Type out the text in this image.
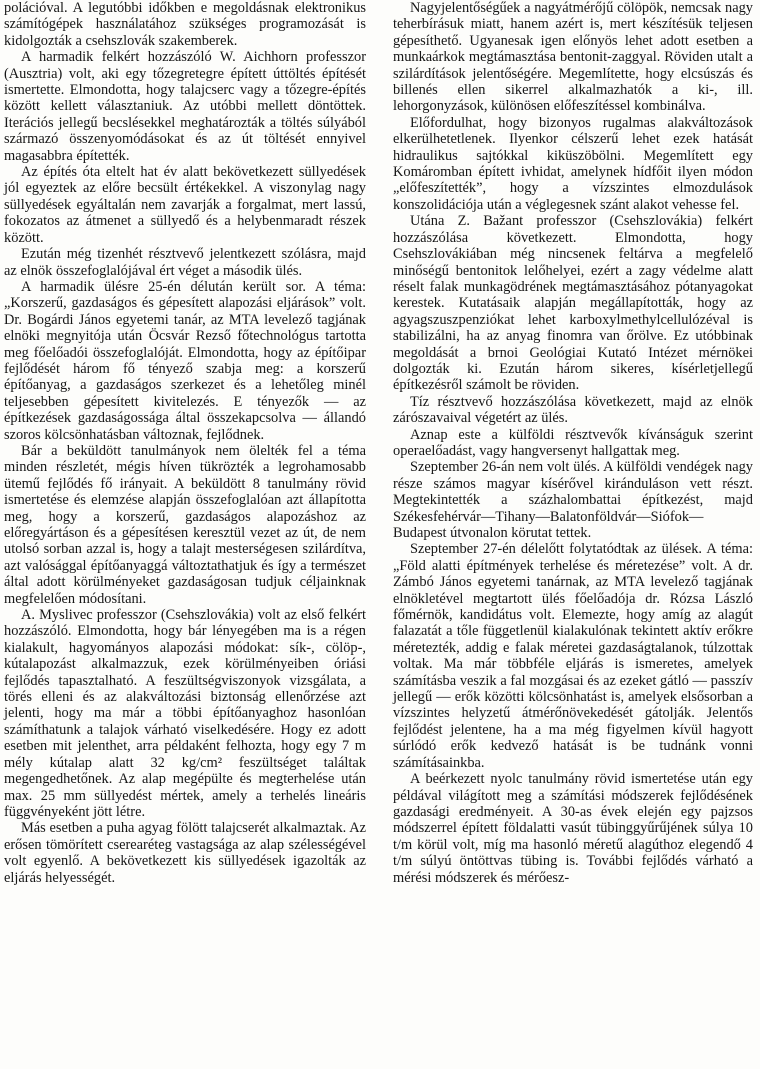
polációval. A legutóbbi időkben e megoldásnak elektronikus számítógépek használatához szükséges programozását is kidolgozták a csehszlovák szakemberek.

A harmadik felkért hozzászóló W. Aichhorn professzor (Ausztria) volt, aki egy tőzegretegre épített úttöltés építését ismertette. Elmondotta, hogy talajcserc vagy a tőzegre-építés között kellett választaniuk. Az utóbbi mellett döntöttek. Iterációs jellegű becslésekkel meghatározták a töltés súlyából származó összenyomódásokat és az út töltését ennyivel magasabbra építették.

Az építés óta eltelt hat év alatt bekövetkezett süllyedések jól egyeztek az előre becsült értékekkel. A viszonylag nagy süllyedések egyáltalán nem zavarják a forgalmat, mert lassú, fokozatos az átmenet a süllyedő és a helybenmaradt részek között.

Ezután még tizenhét résztvevő jelentkezett szólásra, majd az elnök összefoglalójával ért véget a második ülés.

A harmadik ülésre 25-én délután került sor. A téma: „Korszerű, gazdaságos és gépesített alapozási eljárások” volt. Dr. Bogárdi János egyetemi tanár, az MTA levelező tagjának elnöki megnyitója után Öcsvár Rezső főtechnológus tartotta meg főelőadói összefoglalóját. Elmondotta, hogy az építőipar fejlődését három fő tényező szabja meg: a korszerű építőanyag, a gazdaságos szerkezet és a lehetőleg minél teljesebben gépesített kivitelezés. E tényezők — az építkezések gazdaságossága által összekapcsolva — állandó szoros kölcsönhatásban változnak, fejlődnek.

Bár a beküldött tanulmányok nem ölelték fel a téma minden részletét, mégis híven tükrözték a legrohamosabb ütemű fejlődés fő irányait. A beküldött 8 tanulmány rövid ismertetése és elemzése alapján összefoglalóan azt állapította meg, hogy a korszerű, gazdaságos alapozáshoz az előregyártáson és a gépesítésen keresztül vezet az út, de nem utolsó sorban azzal is, hogy a talajt mesterségesen szilárdítva, azt valósággal építőanyaggá változtathatjuk és így a természet által adott körülményeket gazdaságosan tudjuk céljainknak megfelelően módosítani.

A. Myslivec professzor (Csehszlovákia) volt az első felkért hozzászóló. Elmondotta, hogy bár lényegében ma is a régen kialakult, hagyományos alapozási módokat: sík-, cölöp-, kútalapozást alkalmazzuk, ezek körülményeiben óriási fejlődés tapasztalható. A feszültségviszonyok vizsgálata, a törés elleni és az alakváltozási biztonság ellenőrzése azt jelenti, hogy ma már a többi építőanyaghoz hasonlóan számíthatunk a talajok várható viselkedésére. Hogy ez adott esetben mit jelenthet, arra példaként felhozta, hogy egy 7 m mély kútalap alatt 32 kg/cm² feszültséget találtak megengedhetőnek. Az alap megépülte és megterhelése után max. 25 mm süllyedést mértek, amely a terhelés lineáris függvényeként jött létre.

Más esetben a puha agyag fölött talajcserét alkalmaztak. Az erősen tömörített cserearéteg vastagsága az alap szélességével volt egyenlő. A bekövetkezett kis süllyedések igazolták az eljárás helyességét.

Nagyjelentőségűek a nagyátmérőjű cölöpök, nemcsak nagy teherbírásuk miatt, hanem azért is, mert készítésük teljesen gépesíthető. Ugyanesak igen előnyös lehet adott esetben a munkaárkok megtámasztása bentonit-zaggyal. Röviden utalt a szilárdítások jelentőségére. Megemlítette, hogy elcsúszás és billenés ellen sikerrel alkalmazhatók a ki-, ill. lehorgonyzások, különösen előfeszítéssel kombinálva.

Előfordulhat, hogy bizonyos rugalmas alakváltozások elkerülhetetlenek. Ilyenkor célszerű lehet ezek hatását hidraulikus sajtókkal kiküszöbölni. Megemlített egy Komáromban épített ivhidat, amelynek hídfőit ilyen módon „előfeszítették”, hogy a vízszintes elmozdulások konszolidációja után a véglegesnek szánt alakot vehesse fel.

Utána Z. Bažant professzor (Csehszlovákia) felkért hozzászólása következett. Elmondotta, hogy Csehszlovákiában még nincsenek feltárva a megfelelő minőségű bentonitok lelőhelyei, ezért a zagy védelme alatt réselt falak munkagödrének megtámasztásához pótanyagokat kerestek. Kutatásaik alapján megállapították, hogy az agyagszuszpenziókat lehet karboxylmethylcellulózéval is stabilizálni, ha az anyag finomra van őrölve. Ez utóbbinak megoldását a brnoi Geológiai Kutató Intézet mérnökei dolgozták ki. Ezután három sikeres, kísérletjellegű építkezésről számolt be röviden.

Tíz résztvevő hozzászólása következett, majd az elnök zárószavaival végetért az ülés.

Aznap este a külföldi résztvevők kívánságuk szerint operaelőadást, vagy hangversenyt hallgattak meg.

Szeptember 26-án nem volt ülés. A külföldi vendégek nagy része számos magyar kísérővel kiránduláson vett részt. Megtekintették a százhalombattai építkezést, majd Székesfehérvár—Tihany—Balatonföldvár—Siófok—Budapest útvonalon körutat tettek.

Szeptember 27-én délelőtt folytatódtak az ülések. A téma: „Föld alatti építmények terhelése és méretezése” volt. A dr. Zámbó János egyetemi tanárnak, az MTA levelező tagjának elnökletével megtartott ülés főelőadója dr. Rózsa László főmérnök, kandidátus volt. Elemezte, hogy amíg az alagút falazatát a tőle függetlenül kialakulónak tekintett aktív erőkre méretezték, addig e falak méretei gazdaságtalanok, túlzottak voltak. Ma már többféle eljárás is ismeretes, amelyek számításba veszik a fal mozgásai és az ezeket gátló — passzív jellegű — erők közötti kölcsönhatást is, amelyek elsősorban a vízszintes helyzetű átmérőnövekedését gátolják. Jelentős fejlődést jelentene, ha a ma még figyelmen kívül hagyott súrlódó erők kedvező hatását is be tudnánk vonni számításainkba.

A beérkezett nyolc tanulmány rövid ismertetése után egy példával világított meg a számítási módszerek fejlődésének gazdasági eredményeit. A 30-as évek elején egy pajzsos módszerrel épített földalatti vasút tübinggyűrűjének súlya 10 t/m körül volt, míg ma hasonló méretű alagúthoz elegendő 4 t/m súlyú öntöttvas tübing is. További fejlődés várható a mérési módszerek és mérőesz-
